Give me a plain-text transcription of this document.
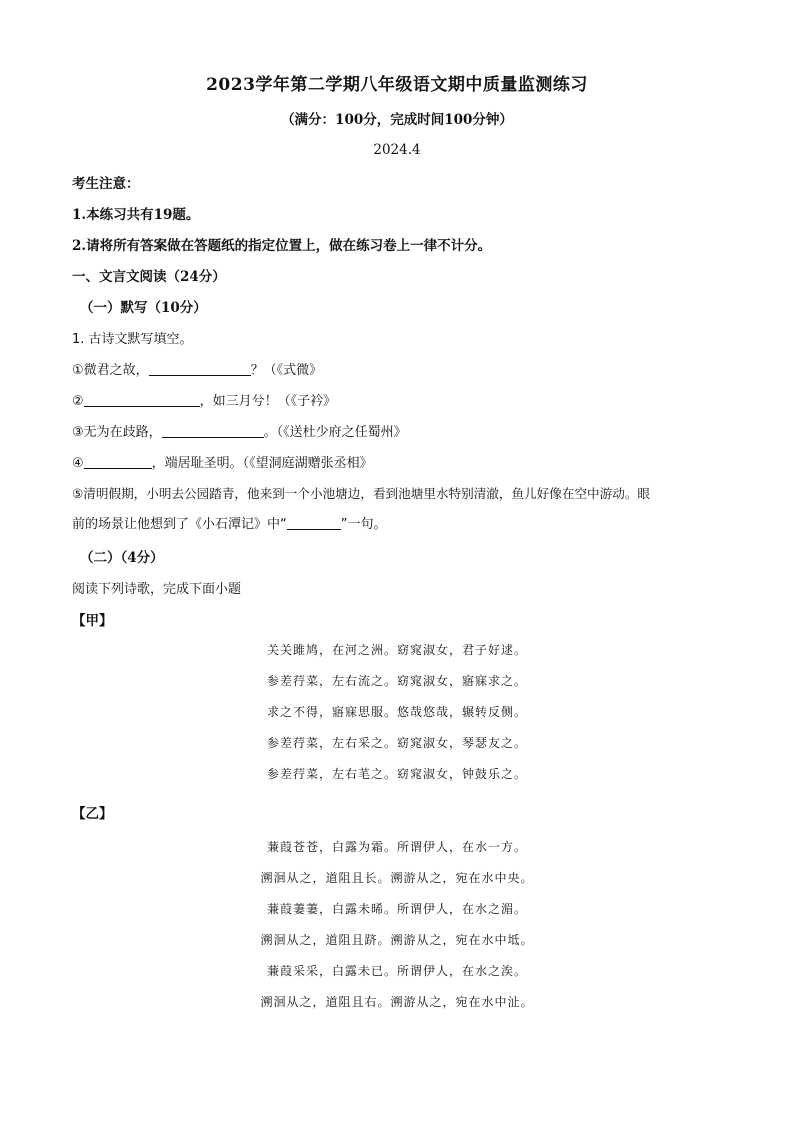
2023学年第二学期八年级语文期中质量监测练习
（满分：100分，完成时间100分钟）
2024.4
考生注意：
1.本练习共有19题。
2.请将所有答案做在答题纸的指定位置上，做在练习卷上一律不计分。
一、文言文阅读（24分）
（一）默写（10分）
1. 古诗文默写填空。
①微君之故，	？（《式微》
②	，如三月兮！（《子衿》
③无为在歧路，	。（《送杜少府之任蜀州》
④	，端居耻圣明。（《望洞庭湖赠张丞相》
⑤清明假期，小明去公园踏青，他来到一个小池塘边，看到池塘里水特别清澈，鱼儿好像在空中游动。眼
前的场景让他想到了《小石潭记》中“	”一句。
（二）（4分）
阅读下列诗歌，完成下面小题
【甲】
关关雎鸠，在河之洲。窈窕淑女，君子好逑。
参差荇菜，左右流之。窈窕淑女，寤寐求之。
求之不得，寤寐思服。悠哉悠哉，辗转反侧。
参差荇菜，左右采之。窈窕淑女，琴瑟友之。
参差荇菜，左右芼之。窈窕淑女，钟鼓乐之。
【乙】
蒹葭苍苍，白露为霜。所谓伊人，在水一方。
溯洄从之，道阻且长。溯游从之，宛在水中央。
蒹葭萋萋，白露未晞。所谓伊人，在水之湄。
溯洄从之，道阻且跻。溯游从之，宛在水中坻。
蒹葭采采，白露未已。所谓伊人，在水之涘。
溯洄从之，道阻且右。溯游从之，宛在水中沚。
